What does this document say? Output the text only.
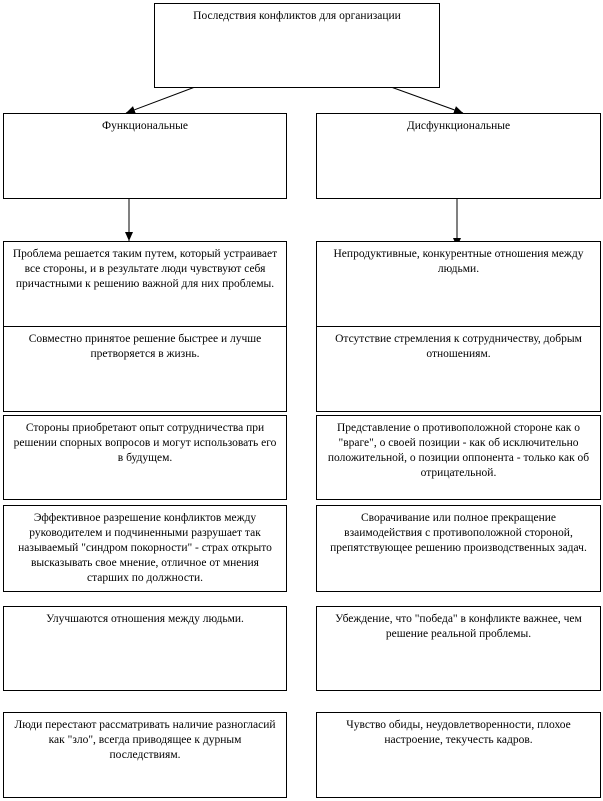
Последствия конфликтов для организации
Функциональные	Дисфункциональные
Проблема решается таким путем, который устраивает все стороны, и в результате люди чувствуют себя причастными к решению важной для них проблемы.
Совместно принятое решение быстрее и лучше претворяется в жизнь.
Стороны приобретают опыт сотрудничества при решении спорных вопросов и могут использовать его в будущем.
Эффективное разрешение конфликтов между руководителем и подчиненными разрушает так называемый "синдром покорности" - страх открыто высказывать свое мнение, отличное от мнения старших по должности.
Улучшаются отношения между людьми.
Люди перестают рассматривать наличие разногласий как "зло", всегда приводящее к дурным последствиям.
Непродуктивные, конкурентные отношения между людьми.
Отсутствие стремления к сотрудничеству, добрым отношениям.
Представление о противоположной стороне как о "враге", о своей позиции - как об исключительно положительной, о позиции оппонента - только как об отрицательной.
Сворачивание или полное прекращение взаимодействия с противоположной стороной, препятствующее решению производственных задач.
Убеждение, что "победа" в конфликте важнее, чем решение реальной проблемы.
Чувство обиды, неудовлетворенности, плохое настроение, текучесть кадров.
